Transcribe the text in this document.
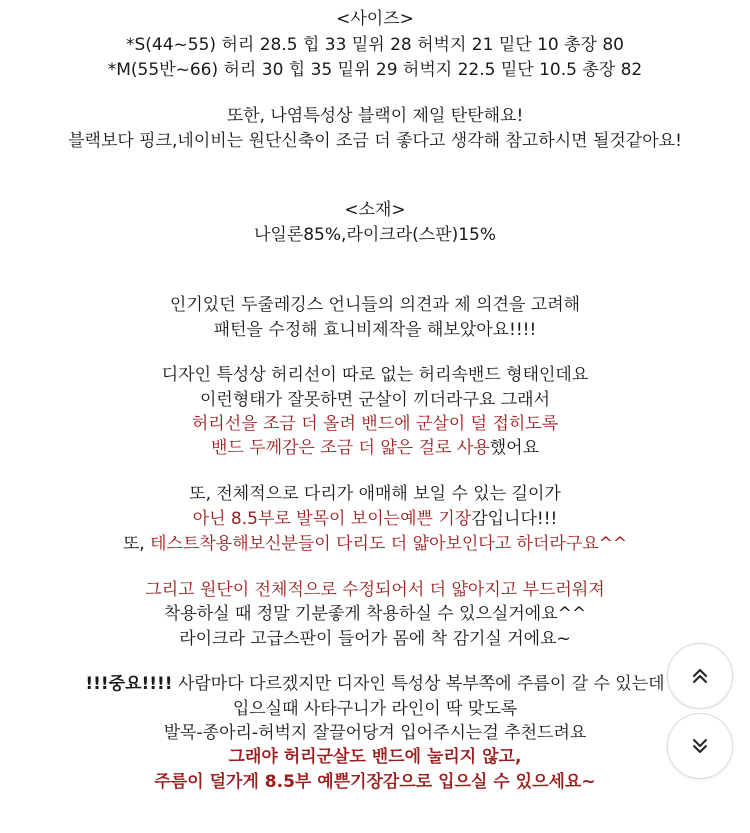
<사이즈>
*S(44~55) 허리 28.5 힙 33 밑위 28 허벅지 21 밑단 10 총장 80
*M(55반~66) 허리 30 힙 35 밑위 29 허벅지 22.5 밑단 10.5 총장 82
또한, 나염특성상 블랙이 제일 탄탄해요!
블랙보다 핑크,네이비는 원단신축이 조금 더 좋다고 생각해 참고하시면 될것같아요!
<소재>
나일론85%,라이크라(스판)15%
인기있던 두줄레깅스 언니들의 의견과 제 의견을 고려해
패턴을 수정해 효니비제작을 해보았아요!!!!
디자인 특성상 허리선이 따로 없는 허리속밴드 형태인데요
이런형태가 잘못하면 군살이 끼더라구요 그래서
허리선을 조금 더 올려 밴드에 군살이 덜 접히도록
밴드 두께감은 조금 더 얇은 걸로 사용했어요
또, 전체적으로 다리가 애매해 보일 수 있는 길이가
아닌 8.5부로 발목이 보이는예쁜 기장감입니다!!!
또, 테스트착용해보신분들이 다리도 더 얇아보인다고 하더라구요^^
그리고 원단이 전체적으로 수정되어서 더 얇아지고 부드러워져
착용하실 때 정말 기분좋게 착용하실 수 있으실거에요^^
라이크라 고급스판이 들어가 몸에 착 감기실 거에요~
!!!중요!!!! 사람마다 다르겠지만 디자인 특성상 복부쪽에 주름이 갈 수 있는데
입으실때 사타구니가 라인이 딱 맞도록
발목-종아리-허벅지 잘끌어당겨 입어주시는걸 추천드려요
그래야 허리군살도 밴드에 눌리지 않고,
주름이 덜가게 8.5부 예쁜기장감으로 입으실 수 있으세요~
